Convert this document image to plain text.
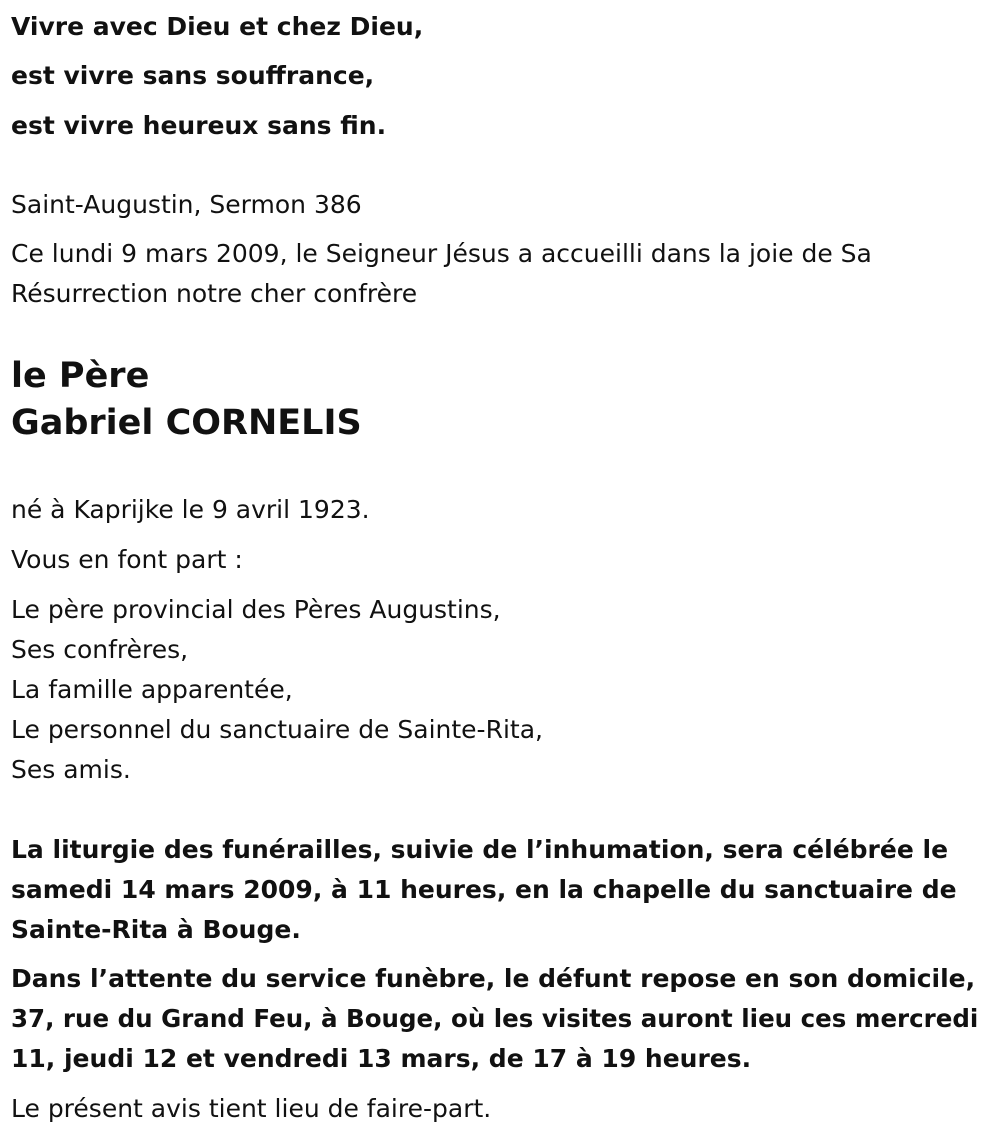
Vivre avec Dieu et chez Dieu,

est vivre sans souffrance,

est vivre heureux sans fin.

Saint-Augustin, Sermon 386

Ce lundi 9 mars 2009, le Seigneur Jésus a accueilli dans la joie de Sa

Résurrection notre cher confrère

le Père

Gabriel CORNELIS

né à Kaprijke le 9 avril 1923.

Vous en font part :

Le père provincial des Pères Augustins,

Ses confrères,

La famille apparentée,

Le personnel du sanctuaire de Sainte-Rita,

Ses amis.

La liturgie des funérailles, suivie de l’inhumation, sera célébrée le

samedi 14 mars 2009, à 11 heures, en la chapelle du sanctuaire de

Sainte-Rita à Bouge.

Dans l’attente du service funèbre, le défunt repose en son domicile,

37, rue du Grand Feu, à Bouge, où les visites auront lieu ces mercredi

11, jeudi 12 et vendredi 13 mars, de 17 à 19 heures.

Le présent avis tient lieu de faire-part.
